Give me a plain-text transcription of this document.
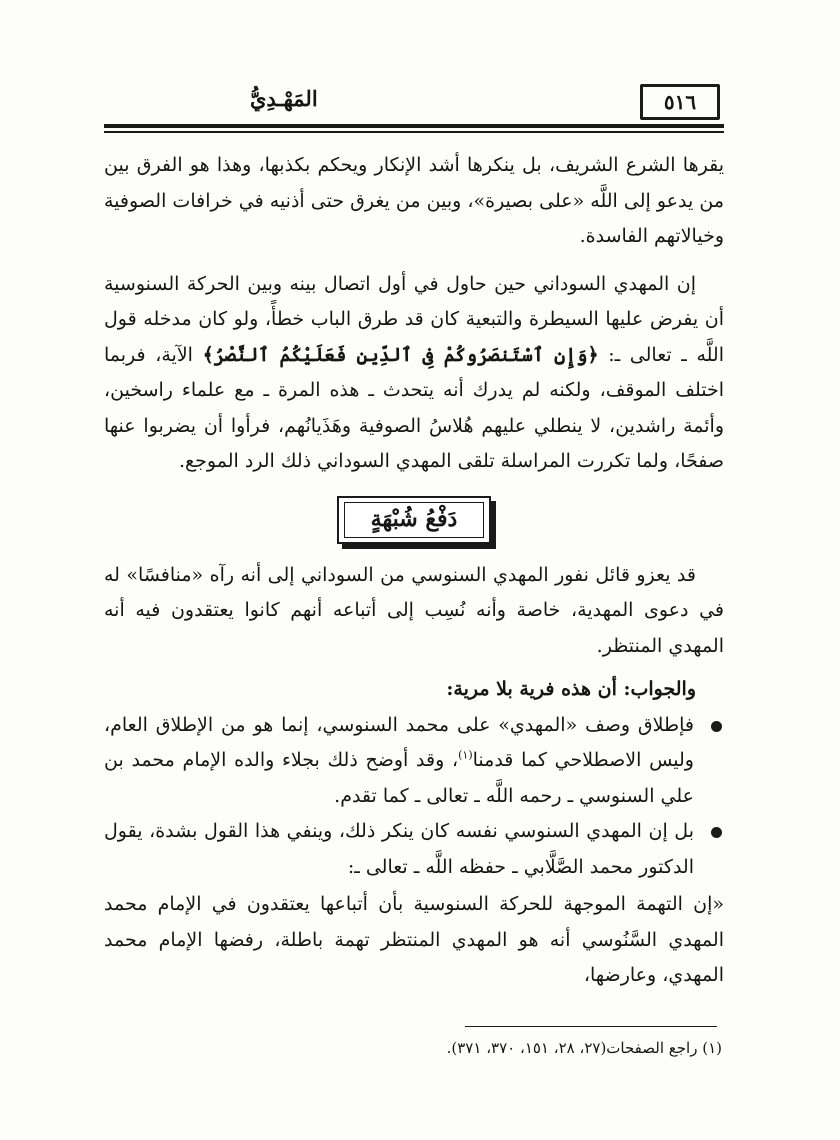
المَهْـدِيُّ	٥١٦

يقرها الشرع الشريف، بل ينكرها أشد الإنكار ويحكم بكذبها، وهذا هو الفرق بين من يدعو إلى اللَّه «على بصيرة»، وبين من يغرق حتى أذنيه في خرافات الصوفية وخيالاتهم الفاسدة.

إن المهدي السوداني حين حاول في أول اتصال بينه وبين الحركة السنوسية أن يفرض عليها السيطرة والتبعية كان قد طرق الباب خطأً، ولو كان مدخله قول اللَّه ـ تعالى ـ: ﴿وَإِنِ ٱسْتَنصَرُوكُمْ فِى ٱلدِّينِ فَعَلَيْكُمُ ٱلنَّصْرُ﴾ الآية، فربما اختلف الموقف، ولكنه لم يدرك أنه يتحدث ـ هذه المرة ـ مع علماء راسخين، وأئمة راشدين، لا ينطلي عليهم هُلاسُ الصوفية وهَذَيانُهم، فرأوا أن يضربوا عنها صفحًا، ولما تكررت المراسلة تلقى المهدي السوداني ذلك الرد الموجع.

دَفْعُ شُبْهَةٍ

قد يعزو قائل نفور المهدي السنوسي من السوداني إلى أنه رآه «منافسًا» له في دعوى المهدية، خاصة وأنه نُسِب إلى أتباعه أنهم كانوا يعتقدون فيه أنه المهدي المنتظر.

والجواب: أن هذه فرية بلا مرية:

فإطلاق وصف «المهدي» على محمد السنوسي، إنما هو من الإطلاق العام، وليس الاصطلاحي كما قدمنا$^{(١)}$، وقد أوضح ذلك بجلاء والده الإمام محمد بن علي السنوسي ـ رحمه اللَّه ـ تعالى ـ كما تقدم.

بل إن المهدي السنوسي نفسه كان ينكر ذلك، وينفي هذا القول بشدة، يقول الدكتور محمد الصَّلَّابي ـ حفظه اللَّه ـ تعالى ـ:

«إن التهمة الموجهة للحركة السنوسية بأن أتباعها يعتقدون في الإمام محمد المهدي السَّنُوسي أنه هو المهدي المنتظر تهمة باطلة، رفضها الإمام محمد المهدي، وعارضها،

(١) راجع الصفحات(٢٧، ٢٨، ١٥١، ٣٧٠، ٣٧١).
